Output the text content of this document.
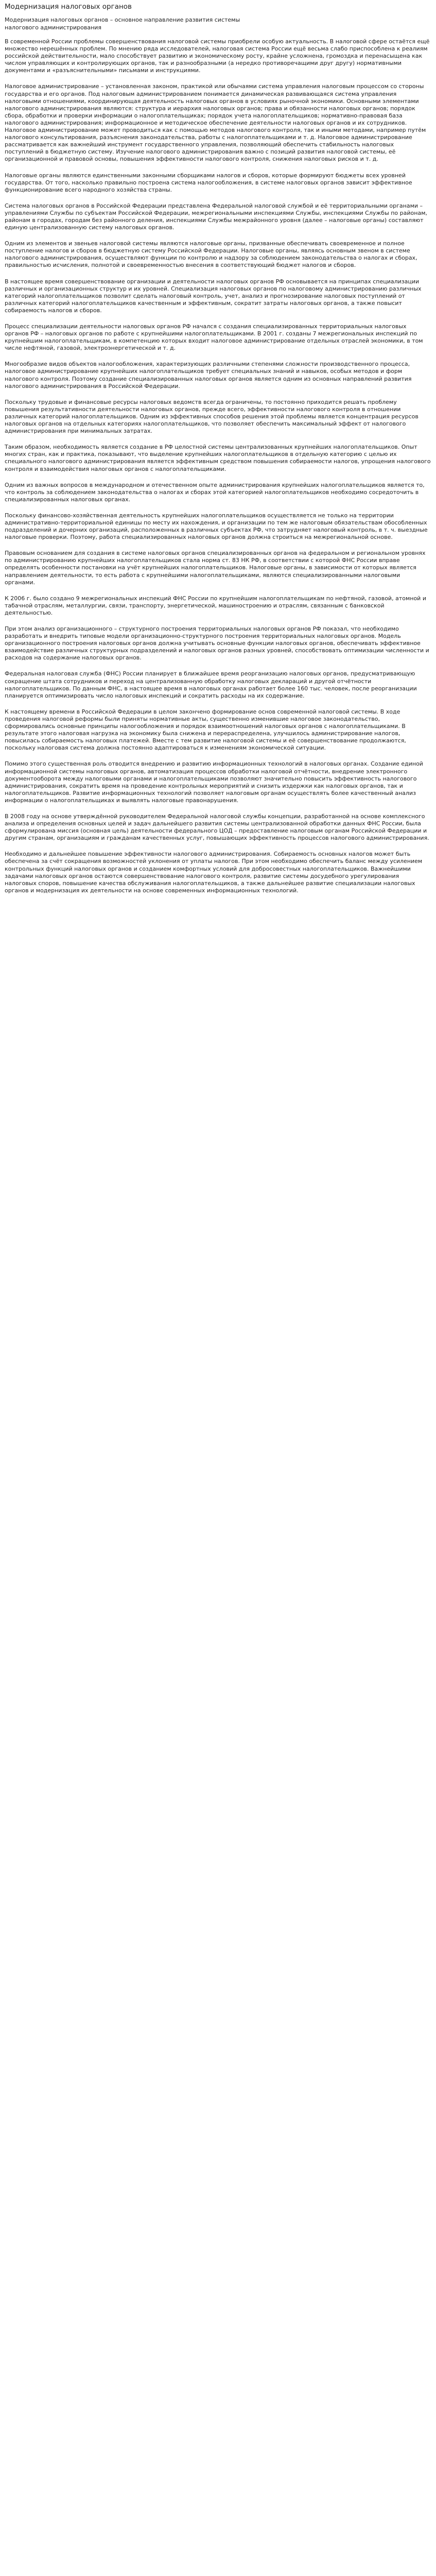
Модернизация налоговых органов

Модернизация налоговых органов – основное направление развития системы налогового администрирования

В современной России проблемы совершенствования налоговой системы приобрели особую актуальность. В налоговой сфере остаётся ещё множество нерешённых проблем. По мнению ряда исследователей, налоговая система России ещё весьма слабо приспособлена к реалиям российской действительности, мало способствует развитию и экономическому росту, крайне усложнена, громоздка и перенасыщена как числом управляющих и контролирующих органов, так и разнообразными (а нередко противоречащими друг другу) нормативными документами и «разъяснительными» письмами и инструкциями.

Налоговое администрирование – установленная законом, практикой или обычаями система управления налоговым процессом со стороны государства и его органов. Под налоговым администрированием понимается динамическая развивающаяся система управления налоговыми отношениями, координирующая деятельность налоговых органов в условиях рыночной экономики. Основными элементами налогового администрирования являются: структура и иерархия налоговых органов; права и обязанности налоговых органов; порядок сбора, обработки и проверки информации о налогоплательщиках; порядок учета налогоплательщиков; нормативно-правовая база налогового администрирования; информационное и методическое обеспечение деятельности налоговых органов и их сотрудников. Налоговое администрирование может проводиться как с помощью методов налогового контроля, так и иными методами, например путём налогового консультирования, разъяснения законодательства, работы с налогоплательщиками и т. д. Налоговое администрирование рассматривается как важнейший инструмент государственного управления, позволяющий обеспечить стабильность налоговых поступлений в бюджетную систему. Изучение налогового администрирования важно с позиций развития налоговой системы, её организационной и правовой основы, повышения эффективности налогового контроля, снижения налоговых рисков и т. д.

Налоговые органы являются единственными законными сборщиками налогов и сборов, которые формируют бюджеты всех уровней государства. От того, насколько правильно построена система налогообложения, в системе налоговых органов зависит эффективное функционирование всего народного хозяйства страны.

Система налоговых органов в Российской Федерации представлена Федеральной налоговой службой и её территориальными органами – управлениями Службы по субъектам Российской Федерации, межрегиональными инспекциями Службы, инспекциями Службы по районам, районам в городах, городам без районного деления, инспекциями Службы межрайонного уровня (далее – налоговые органы) составляют единую централизованную систему налоговых органов.

Одним из элементов и звеньев налоговой системы являются налоговые органы, призванные обеспечивать своевременное и полное поступление налогов и сборов в бюджетную систему Российской Федерации. Налоговые органы, являясь основным звеном в системе налогового администрирования, осуществляют функции по контролю и надзору за соблюдением законодательства о налогах и сборах, правильностью исчисления, полнотой и своевременностью внесения в соответствующий бюджет налогов и сборов.

В настоящее время совершенствование организации и деятельности налоговых органов РФ основывается на принципах специализации различных и организационных структур и их уровней. Специализация налоговых органов по налоговому администрированию различных категорий налогоплательщиков позволит сделать налоговый контроль, учет, анализ и прогнозирование налоговых поступлений от различных категорий налогоплательщиков качественным и эффективным, сократит затраты налоговых органов, а также повысит собираемость налогов и сборов.

Процесс специализации деятельности налоговых органов РФ начался с создания специализированных территориальных налоговых органов РФ – налоговых органов по работе с крупнейшими налогоплательщиками. В 2001 г. созданы 7 межрегиональных инспекций по крупнейшим налогоплательщикам, в компетенцию которых входит налоговое администрирование отдельных отраслей экономики, в том числе нефтяной, газовой, электроэнергетической и т. д.

Многообразие видов объектов налогообложения, характеризующих различными степенями сложности производственного процесса, налоговое администрирование крупнейших налогоплательщиков требует специальных знаний и навыков, особых методов и форм налогового контроля. Поэтому создание специализированных налоговых органов является одним из основных направлений развития налогового администрирования в Российской Федерации.

Поскольку трудовые и финансовые ресурсы налоговых ведомств всегда ограничены, то постоянно приходится решать проблему повышения результативности деятельности налоговых органов, прежде всего, эффективности налогового контроля в отношении различных категорий налогоплательщиков. Одним из эффективных способов решения этой проблемы является концентрация ресурсов налоговых органов на отдельных категориях налогоплательщиков, что позволяет обеспечить максимальный эффект от налогового администрирования при минимальных затратах.

Таким образом, необходимость является создание в РФ целостной системы централизованных крупнейших налогоплательщиков. Опыт многих стран, как и практика, показывают, что выделение крупнейших налогоплательщиков в отдельную категорию с целью их специального налогового администрирования является эффективным средством повышения собираемости налогов, упрощения налогового контроля и взаимодействия налоговых органов с налогоплательщиками.

Одним из важных вопросов в международном и отечественном опыте администрирования крупнейших налогоплательщиков является то, что контроль за соблюдением законодательства о налогах и сборах этой категорией налогоплательщиков необходимо сосредоточить в специализированных налоговых органах.

Поскольку финансово-хозяйственная деятельность крупнейших налогоплательщиков осуществляется не только на территории административно-территориальной единицы по месту их нахождения, и организации по тем же налоговым обязательствам обособленных подразделений и дочерних организаций, расположенных в различных субъектах РФ, что затрудняет налоговый контроль, в т. ч. выездные налоговые проверки. Поэтому, работа специализированных налоговых органов должна строиться на межрегиональной основе.

Правовым основанием для создания в системе налоговых органов специализированных органов на федеральном и региональном уровнях по администрированию крупнейших налогоплательщиков стала норма ст. 83 НК РФ, в соответствии с которой ФНС России вправе определять особенности постановки на учёт крупнейших налогоплательщиков. Налоговые органы, в зависимости от которых является направлением деятельности, то есть работа с крупнейшими налогоплательщиками, являются специализированными налоговыми органами.

К 2006 г. было создано 9 межрегиональных инспекций ФНС России по крупнейшим налогоплательщикам по нефтяной, газовой, атомной и табачной отраслям, металлургии, связи, транспорту, энергетической, машиностроению и отраслям, связанным с банковской деятельностью.

При этом анализ организационного – структурного построения территориальных налоговых органов РФ показал, что необходимо разработать и внедрить типовые модели организационно-структурного построения территориальных налоговых органов. Модель организационного построения налоговых органов должна учитывать основные функции налоговых органов, обеспечивать эффективное взаимодействие различных структурных подразделений и налоговых органов разных уровней, способствовать оптимизации численности и расходов на содержание налоговых органов.

Федеральная налоговая служба (ФНС) России планирует в ближайшее время реорганизацию налоговых органов, предусматривающую сокращение штата сотрудников и переход на централизованную обработку налоговых деклараций и другой отчётности налогоплательщиков. По данным ФНС, в настоящее время в налоговых органах работает более 160 тыс. человек, после реорганизации планируется оптимизировать число налоговых инспекций и сократить расходы на их содержание.

К настоящему времени в Российской Федерации в целом закончено формирование основ современной налоговой системы. В ходе проведения налоговой реформы были приняты нормативные акты, существенно изменившие налоговое законодательство, сформировались основные принципы налогообложения и порядок взаимоотношений налоговых органов с налогоплательщиками. В результате этого налоговая нагрузка на экономику была снижена и перераспределена, улучшилось администрирование налогов, повысилась собираемость налоговых платежей. Вместе с тем развитие налоговой системы и её совершенствование продолжаются, поскольку налоговая система должна постоянно адаптироваться к изменениям экономической ситуации.

Помимо этого существенная роль отводится внедрению и развитию информационных технологий в налоговых органах. Создание единой информационной системы налоговых органов, автоматизация процессов обработки налоговой отчётности, внедрение электронного документооборота между налоговыми органами и налогоплательщиками позволяют значительно повысить эффективность налогового администрирования, сократить время на проведение контрольных мероприятий и снизить издержки как налоговых органов, так и налогоплательщиков. Развитие информационных технологий позволяет налоговым органам осуществлять более качественный анализ информации о налогоплательщиках и выявлять налоговые правонарушения.

В 2008 году на основе утверждённой руководителем Федеральной налоговой службы концепции, разработанной на основе комплексного анализа и определения основных целей и задач дальнейшего развития системы централизованной обработки данных ФНС России, была сформулирована миссия (основная цель) деятельности федерального ЦОД – предоставление налоговым органам Российской Федерации и другим странам, организациям и гражданам качественных услуг, повышающих эффективность процессов налогового администрирования.

Необходимо и дальнейшее повышение эффективности налогового администрирования. Собираемость основных налогов может быть обеспечена за счёт сокращения возможностей уклонения от уплаты налогов. При этом необходимо обеспечить баланс между усилением контрольных функций налоговых органов и созданием комфортных условий для добросовестных налогоплательщиков. Важнейшими задачами налоговых органов остаются совершенствование налогового контроля, развитие системы досудебного урегулирования налоговых споров, повышение качества обслуживания налогоплательщиков, а также дальнейшее развитие специализации налоговых органов и модернизация их деятельности на основе современных информационных технологий.
